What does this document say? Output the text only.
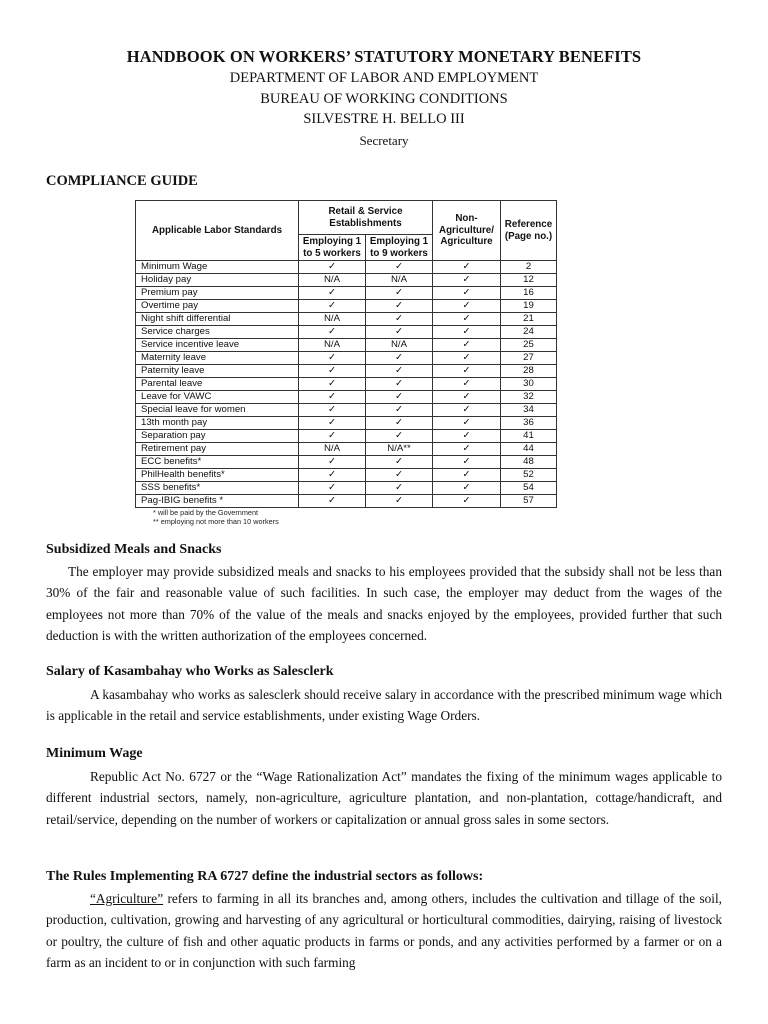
HANDBOOK ON WORKERS’ STATUTORY MONETARY BENEFITS
DEPARTMENT OF LABOR AND EMPLOYMENT
BUREAU OF WORKING CONDITIONS
SILVESTRE H. BELLO III
Secretary
COMPLIANCE GUIDE
Applicable Labor Standards	Retail & Service Establishments		Non-Agriculture/ Agriculture	Reference (Page no.)
	Employing 1 to 5 workers	Employing 1 to 9 workers		
Minimum Wage	✓	✓	✓	2
Holiday pay	N/A	N/A	✓	12
Premium pay	✓	✓	✓	16
Overtime pay	✓	✓	✓	19
Night shift differential	N/A	✓	✓	21
Service charges	✓	✓	✓	24
Service incentive leave	N/A	N/A	✓	25
Maternity leave	✓	✓	✓	27
Paternity leave	✓	✓	✓	28
Parental leave	✓	✓	✓	30
Leave for VAWC	✓	✓	✓	32
Special leave for women	✓	✓	✓	34
13th month pay	✓	✓	✓	36
Separation pay	✓	✓	✓	41
Retirement pay	N/A	N/A**	✓	44
ECC benefits*	✓	✓	✓	48
PhilHealth benefits*	✓	✓	✓	52
SSS benefits*	✓	✓	✓	54
Pag-IBIG benefits *	✓	✓	✓	57
* will be paid by the Government
** employing not more than 10 workers
Subsidized Meals and Snacks

The employer may provide subsidized meals and snacks to his employees provided that the subsidy shall not be less than 30% of the fair and reasonable value of such facilities. In such case, the employer may deduct from the wages of the employees not more than 70% of the value of the meals and snacks enjoyed by the employees, provided further that such deduction is with the written authorization of the employees concerned.

Salary of Kasambahay who Works as Salesclerk

A kasambahay who works as salesclerk should receive salary in accordance with the prescribed minimum wage which is applicable in the retail and service establishments, under existing Wage Orders.

Minimum Wage

Republic Act No. 6727 or the “Wage Rationalization Act” mandates the fixing of the minimum wages applicable to different industrial sectors, namely, non-agriculture, agriculture plantation, and non-plantation, cottage/handicraft, and retail/service, depending on the number of workers or capitalization or annual gross sales in some sectors.

The Rules Implementing RA 6727 define the industrial sectors as follows:

“Agriculture” refers to farming in all its branches and, among others, includes the cultivation and tillage of the soil, production, cultivation, growing and harvesting of any agricultural or horticultural commodities, dairying, raising of livestock or poultry, the culture of fish and other aquatic products in farms or ponds, and any activities performed by a farmer or on a farm as an incident to or in conjunction with such farming
